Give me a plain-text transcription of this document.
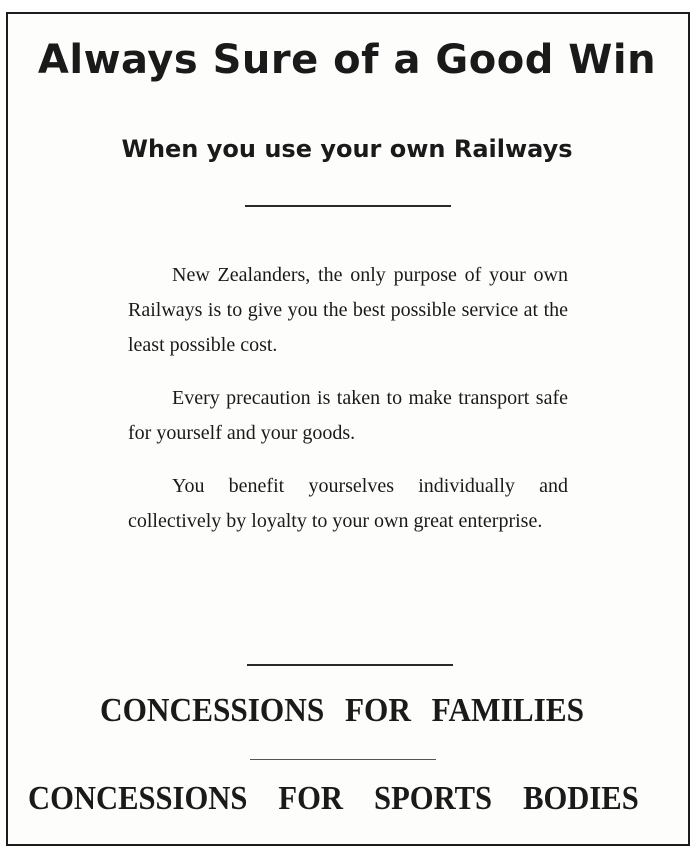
Always Sure of a Good Win
When you use your own Railways

New Zealanders, the only purpose of your own Railways is to give you the best possible service at the least possible cost.

Every precaution is taken to make transport safe for yourself and your goods.

You benefit yourselves individually and collectively by loyalty to your own great enterprise.

CONCESSIONS FOR FAMILIES
CONCESSIONS FOR SPORTS BODIES
